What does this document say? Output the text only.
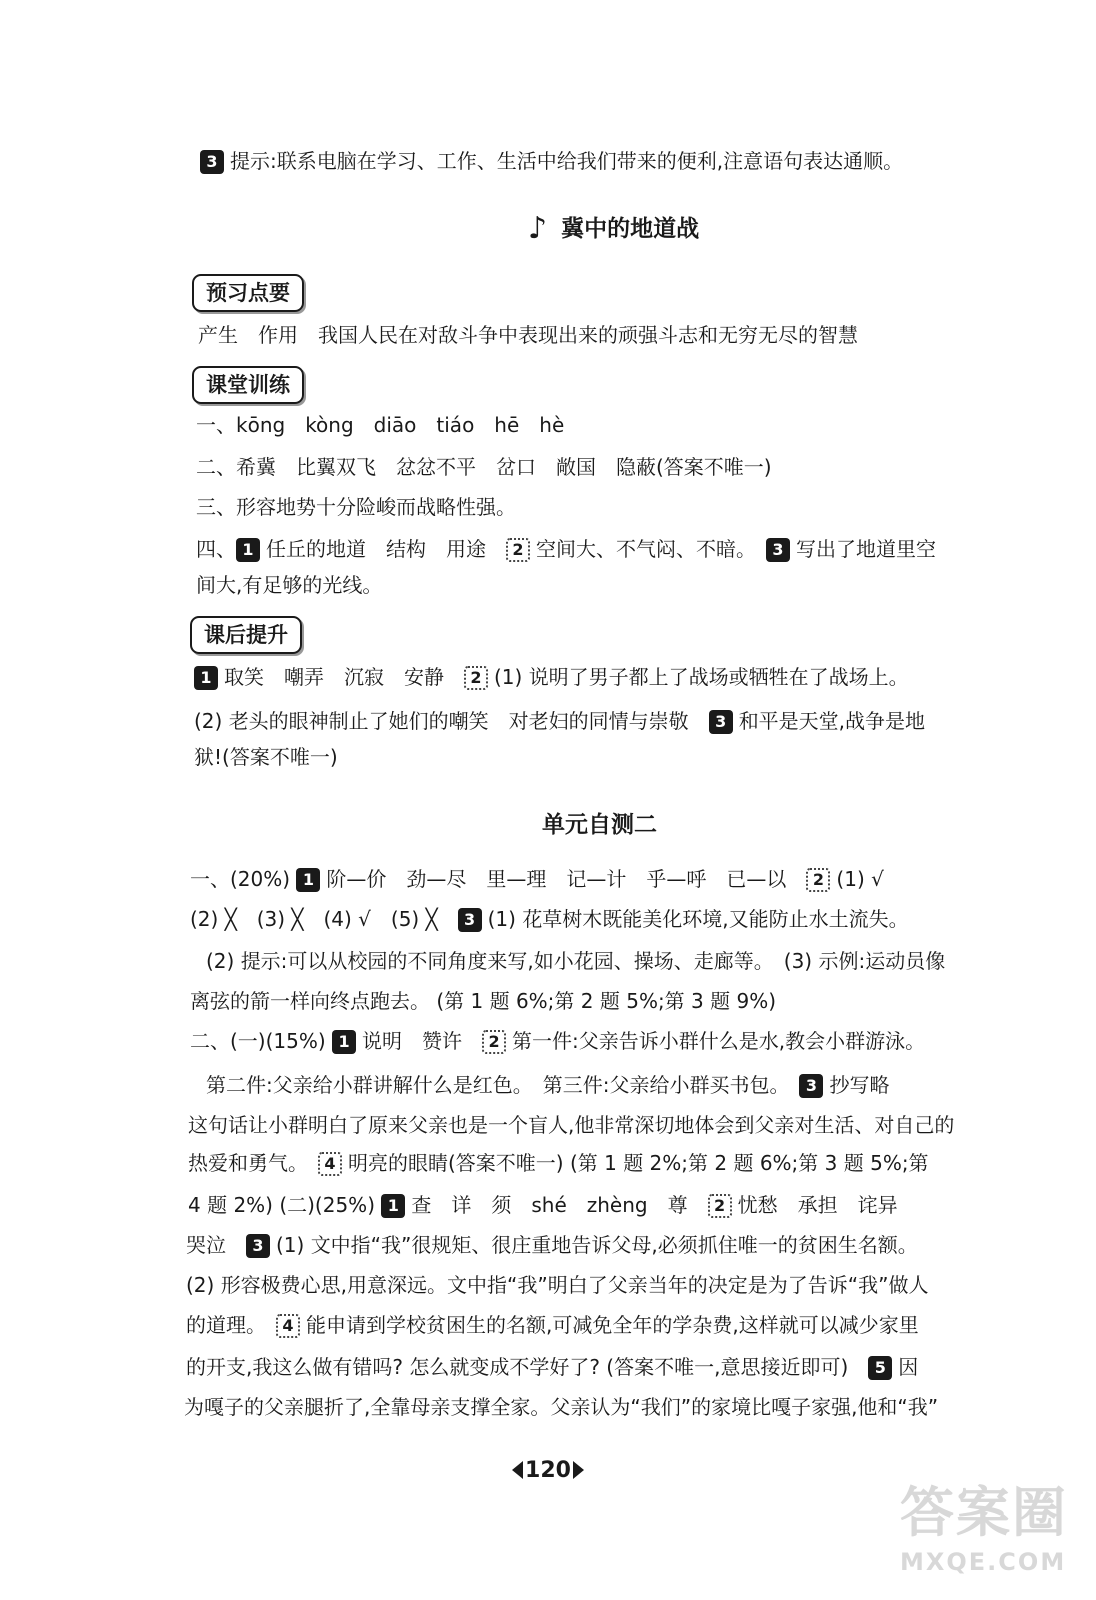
3 提示:联系电脑在学习、工作、生活中给我们带来的便利,注意语句表达通顺。
♪ 冀中的地道战
预习点要
产生　作用　我国人民在对敌斗争中表现出来的顽强斗志和无穷无尽的智慧
课堂训练
一、kōng　kòng　diāo　tiáo　hē　hè
二、希冀　比翼双飞　忿忿不平　岔口　敞国　隐蔽(答案不唯一)
三、形容地势十分险峻而战略性强。
四、 1 任丘的地道　结构　用途　2 空间大、不气闷、不暗。　3 写出了地道里空
间大,有足够的光线。
课后提升
1 取笑　嘲弄　沉寂　安静　2 (1) 说明了男子都上了战场或牺牲在了战场上。
(2) 老头的眼神制止了她们的嘲笑　对老妇的同情与崇敬　3 和平是天堂,战争是地
狱!(答案不唯一)
单元自测二
一、(20%) 1 阶—价　劲—尽　里—理　记—计　乎—呼　已—以　2 (1) √
(2) ╳　(3) ╳　(4) √　(5) ╳　3 (1) 花草树木既能美化环境,又能防止水土流失。
(2) 提示:可以从校园的不同角度来写,如小花园、操场、走廊等。　(3) 示例:运动员像
离弦的箭一样向终点跑去。 (第 1 题 6%;第 2 题 5%;第 3 题 9%)
二、(一)(15%) 1 说明　赞许　2 第一件:父亲告诉小群什么是水,教会小群游泳。
第二件:父亲给小群讲解什么是红色。　第三件:父亲给小群买书包。　3 抄写略
这句话让小群明白了原来父亲也是一个盲人,他非常深切地体会到父亲对生活、对自己的
热爱和勇气。　4 明亮的眼睛(答案不唯一) (第 1 题 2%;第 2 题 6%;第 3 题 5%;第
4 题 2%) (二)(25%) 1 查　详　须　shé　zhèng　尊　2 忧愁　承担　诧异
哭泣　3 (1) 文中指“我”很规矩、很庄重地告诉父母,必须抓住唯一的贫困生名额。
(2) 形容极费心思,用意深远。文中指“我”明白了父亲当年的决定是为了告诉“我”做人
的道理。　4 能申请到学校贫困生的名额,可减免全年的学杂费,这样就可以减少家里
的开支,我这么做有错吗? 怎么就变成不学好了? (答案不唯一,意思接近即可)　5 因
为嘎子的父亲腿折了,全靠母亲支撑全家。父亲认为“我们”的家境比嘎子家强,他和“我”
120
答案圈
MXQE.COM
